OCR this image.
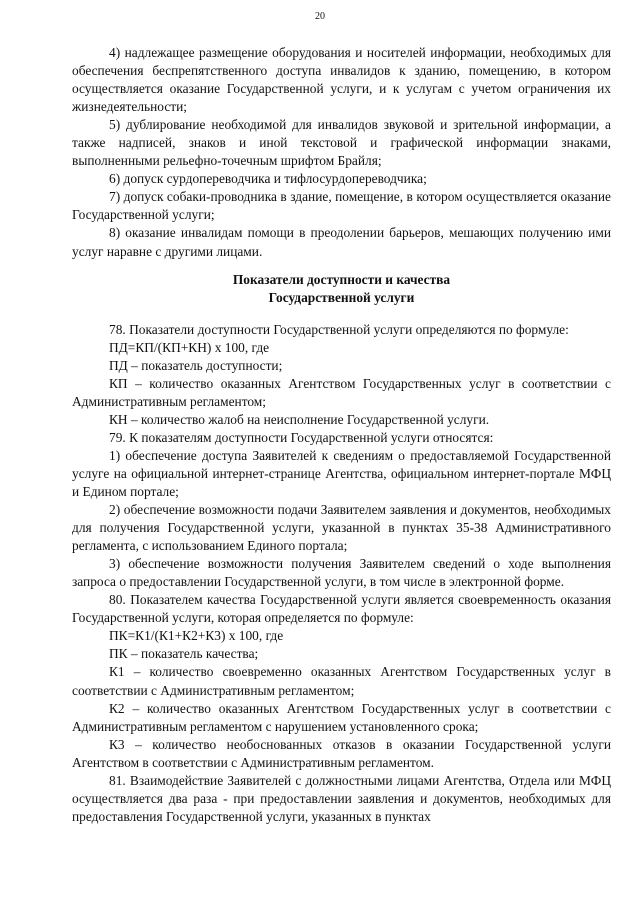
20

4) надлежащее размещение оборудования и носителей информации, необходимых для обеспечения беспрепятственного доступа инвалидов к зданию, помещению, в котором осуществляется оказание Государственной услуги, и к услугам с учетом ограничения их жизнедеятельности;

5) дублирование необходимой для инвалидов звуковой и зрительной информации, а также надписей, знаков и иной текстовой и графической информации знаками, выполненными рельефно-точечным шрифтом Брайля;

6) допуск сурдопереводчика и тифлосурдопереводчика;

7) допуск собаки-проводника в здание, помещение, в котором осуществляется оказание Государственной услуги;

8) оказание инвалидам помощи в преодолении барьеров, мешающих получению ими услуг наравне с другими лицами.

Показатели доступности и качества
Государственной услуги

78. Показатели доступности Государственной услуги определяются по формуле:

ПД=КП/(КП+КН) х 100, где

ПД – показатель доступности;

КП – количество оказанных Агентством Государственных услуг в соответствии с Административным регламентом;

КН – количество жалоб на неисполнение Государственной услуги.

79. К показателям доступности Государственной услуги относятся:

1) обеспечение доступа Заявителей к сведениям о предоставляемой Государственной услуге на официальной интернет-странице Агентства, официальном интернет-портале МФЦ и Едином портале;

2) обеспечение возможности подачи Заявителем заявления и документов, необходимых для получения Государственной услуги, указанной в пунктах 35-38 Административного регламента, с использованием Единого портала;

3) обеспечение возможности получения Заявителем сведений о ходе выполнения запроса о предоставлении Государственной услуги, в том числе в электронной форме.

80. Показателем качества Государственной услуги является своевременность оказания Государственной услуги, которая определяется по формуле:

ПК=К1/(К1+К2+К3) х 100, где

ПК – показатель качества;

К1 – количество своевременно оказанных Агентством Государственных услуг в соответствии с Административным регламентом;

К2 – количество оказанных Агентством Государственных услуг в соответствии с Административным регламентом с нарушением установленного срока;

К3 – количество необоснованных отказов в оказании Государственной услуги Агентством в соответствии с Административным регламентом.

81. Взаимодействие Заявителей с должностными лицами Агентства, Отдела или МФЦ осуществляется два раза - при предоставлении заявления и документов, необходимых для предоставления Государственной услуги, указанных в пунктах
